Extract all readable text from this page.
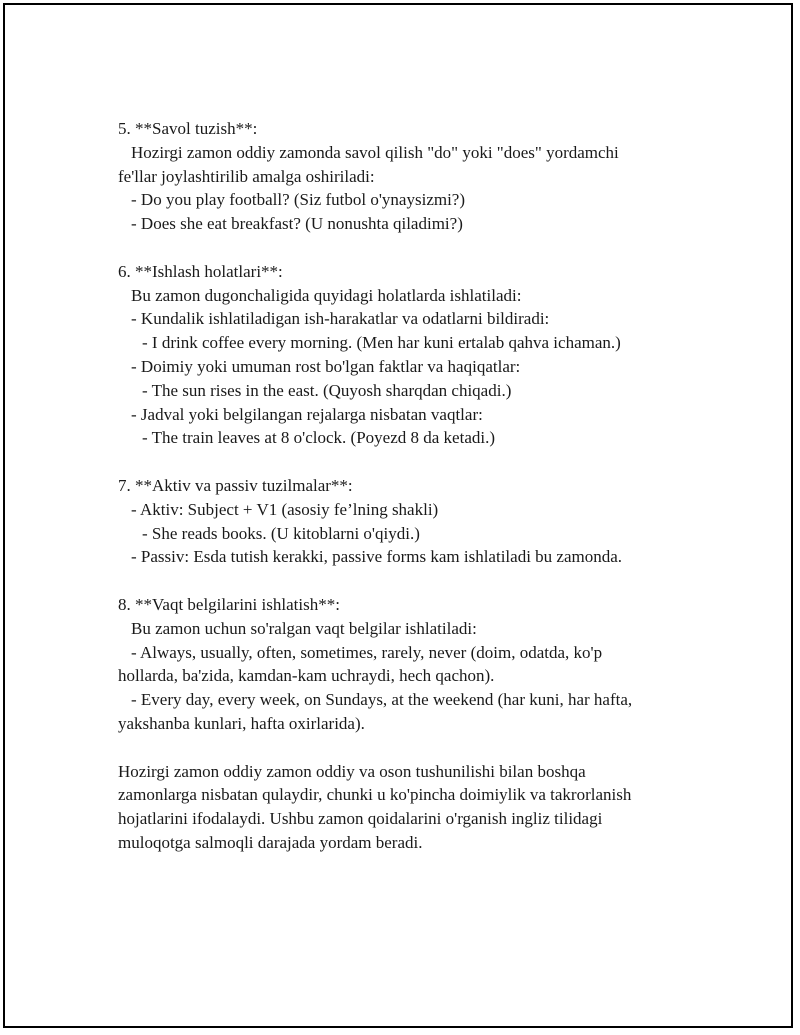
5. **Savol tuzish**:
Hozirgi zamon oddiy zamonda savol qilish "do" yoki "does" yordamchi
fe'llar joylashtirilib amalga oshiriladi:
- Do you play football? (Siz futbol o'ynaysizmi?)
- Does she eat breakfast? (U nonushta qiladimi?)
6. **Ishlash holatlari**:
Bu zamon dugonchaligida quyidagi holatlarda ishlatiladi:
- Kundalik ishlatiladigan ish-harakatlar va odatlarni bildiradi:
- I drink coffee every morning. (Men har kuni ertalab qahva ichaman.)
- Doimiy yoki umuman rost bo'lgan faktlar va haqiqatlar:
- The sun rises in the east. (Quyosh sharqdan chiqadi.)
- Jadval yoki belgilangan rejalarga nisbatan vaqtlar:
- The train leaves at 8 o'clock. (Poyezd 8 da ketadi.)
7. **Aktiv va passiv tuzilmalar**:
- Aktiv: Subject + V1 (asosiy fe’lning shakli)
- She reads books. (U kitoblarni o'qiydi.)
- Passiv: Esda tutish kerakki, passive forms kam ishlatiladi bu zamonda.
8. **Vaqt belgilarini ishlatish**:
Bu zamon uchun so'ralgan vaqt belgilar ishlatiladi:
- Always, usually, often, sometimes, rarely, never (doim, odatda, ko'p
hollarda, ba'zida, kamdan-kam uchraydi, hech qachon).
- Every day, every week, on Sundays, at the weekend (har kuni, har hafta,
yakshanba kunlari, hafta oxirlarida).
Hozirgi zamon oddiy zamon oddiy va oson tushunilishi bilan boshqa
zamonlarga nisbatan qulaydir, chunki u ko'pincha doimiylik va takrorlanish
hojatlarini ifodalaydi. Ushbu zamon qoidalarini o'rganish ingliz tilidagi
muloqotga salmoqli darajada yordam beradi.
